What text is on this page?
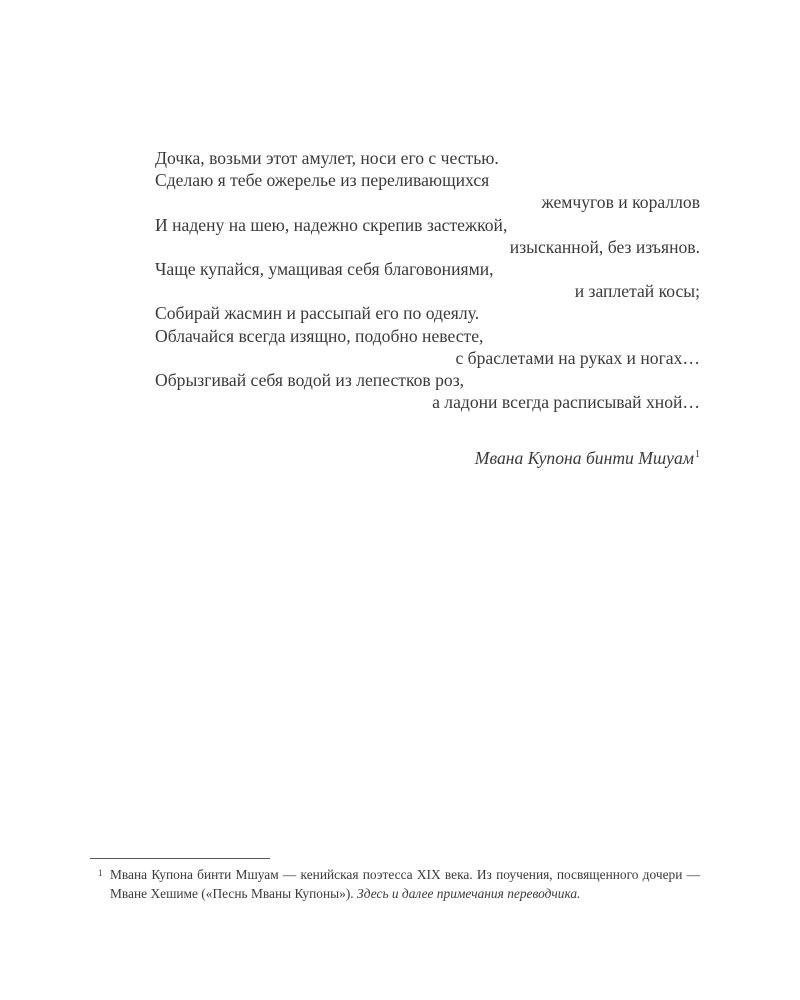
Дочка, возьми этот амулет, носи его с честью.
Сделаю я тебе ожерелье из переливающихся
жемчугов и кораллов
И надену на шею, надежно скрепив застежкой,
изысканной, без изъянов.
Чаще купайся, умащивая себя благовониями,
и заплетай косы;
Собирай жасмин и рассыпай его по одеялу.
Облачайся всегда изящно, подобно невесте,
с браслетами на руках и ногах…
Обрызгивай себя водой из лепестков роз,
а ладони всегда расписывай хной…
Мвана Купона бинти Мшуам$^1$
1 Мвана Купона бинти Мшуам — кенийская поэтесса XIX века. Из поучения, посвященного дочери — Мване Хешиме («Песнь Мваны Купоны»). Здесь и далее примечания переводчика.
